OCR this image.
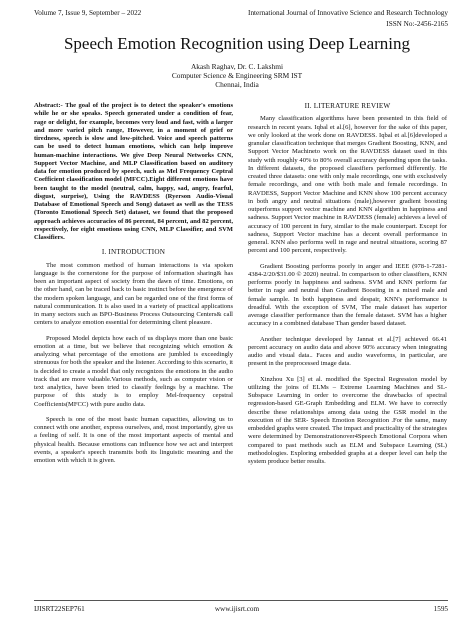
Volume 7, Issue 9, September – 2022	International Journal of Innovative Science and Research Technology
ISSN No:-2456-2165
Speech Emotion Recognition using Deep Learning
Akash Raghav, Dr. C. Lakshmi
Computer Science & Engineering SRM IST
Chennai, India

Abstract:- The goal of the project is to detect the speaker's emotions while he or she speaks. Speech generated under a condition of fear, rage or delight, for example, becomes very loud and fast, with a larger and more varied pitch range, However, in a moment of grief or tiredness, speech is slow and low-pitched. Voice and speech patterns can be used to detect human emotions, which can help improve human-machine interactions. We give Deep Neural Networks CNN, Support Vector Machine, and MLP Classification based on auditory data for emotion produced by speech, such as Mel Frequency Ceptral Coefficient classification model (MFCC).Eight different emotions have been taught to the model (neutral, calm, happy, sad, angry, fearful, disgust, surprise), Using the RAVDESS (Ryerson Audio-Visual Database of Emotional Speech and Song) dataset as well as the TESS (Toronto Emotional Speech Set) dataset, we found that the proposed approach achieves accuracies of 86 percent, 84 percent, and 82 percent, respectively, for eight emotions using CNN, MLP Classifier, and SVM Classifiers.

I. INTRODUCTION

The most common method of human interactions is via spoken language is the cornerstone for the purpose of information sharing& has been an important aspect of society from the dawn of time. Emotions, on the other hand, can be traced back to basic instinct before the emergence of the modern spoken language, and can be regarded one of the first forms of natural communication. It is also used in a variety of practical applications in many sectors such as BPO-Business Process Outsourcing Centers& call centers to analyze emotion essential for determining client pleasure.

Proposed Model depicts how each of us displays more than one basic emotion at a time, but we believe that recognizing which emotion & analyzing what percentage of the emotions are jumbled is exceedingly strenuous for both the speaker and the listener. According to this scenario, it is decided to create a model that only recognizes the emotions in the audio track that are more valuable.Various methods, such as computer vision or text analytics, have been tried to classify feelings by a machine. The purpose of this study is to employ Mel-frequency cepstral Coefficients(MFCC) with pure audio data.

Speech is one of the most basic human capacities, allowing us to connect with one another, express ourselves, and, most importantly, give us a feeling of self. It is one of the most important aspects of mental and physical health. Because emotions can influence how we act and interpret events, a speaker's speech transmits both its linguistic meaning and the emotion with which it is given.

II. LITERATURE REVIEW

Many classification algorithms have been presented in this field of research in recent years. Iqbal et al.[6], however for the sake of this paper, we only looked at the work done on RAVDESS. Iqbal et al.[6]developed a granular classification technique that merges Gradient Boosting, KNN, and Support Vector Machineto work on the RAVDESS dataset used in this study with roughly 40% to 80% overall accuracy depending upon the tasks. In different datasets, the proposed classifiers performed differently. He created three datasets: one with only male recordings, one with exclusively female recordings, and one with both male and female recordings. In RAVDESS, Support Vector Machine and KNN show 100 percent accuracy in both angry and neutral situations (male),however gradient boosting outperforms support vector machine and KNN algorithm in happiness and sadness. Support Vector machine in RAVDESS (female) achieves a level of accuracy of 100 percent in fury, similar to the male counterpart. Except for sadness, Support Vector machine has a decent overall performance in general. KNN also performs well in rage and neutral situations, scoring 87 percent and 100 percent, respectively.

Gradient Boosting performs poorly in anger and IEEE (978-1-7281-4384-2/20/$31.00 © 2020) neutral. In comparison to other classifiers, KNN performs poorly in happiness and sadness. SVM and KNN perform far better in rage and neutral than Gradient Boosting in a mixed male and female sample. In both happiness and despair, KNN's performance is dreadful. With the exception of SVM, The male dataset has superior average classifier performance than the female dataset. SVM has a higher accuracy in a combined database Than gender based dataset.

Another technique developed by Jannat et al.[7] achieved 66.41 percent accuracy on audio data and above 90% accuracy when integrating audio and visual data.. Faces and audio waveforms, in particular, are present in the preprocessed image data.

Xinzhou Xu [3] et al. modified the Spectral Regression model by utilizing the joins of ELMs – Extreme Learning Machines and SL-Subspace Learning in order to overcome the drawbacks of spectral regression-based GE-Graph Embedding and ELM. We have to correctly describe these relationships among data using the GSR model in the execution of the SER- Speech Emotion Recognition .For the same, many embedded graphs were created. The impact and practicality of the strategies were determined by Demonstrationover4Speech Emotional Corpora when compared to past methods such as ELM and Subspace Learning (SL) methodologies. Exploring embedded graphs at a deeper level can help the system produce better results.

IJISRT22SEP761	www.ijisrt.com	1595
